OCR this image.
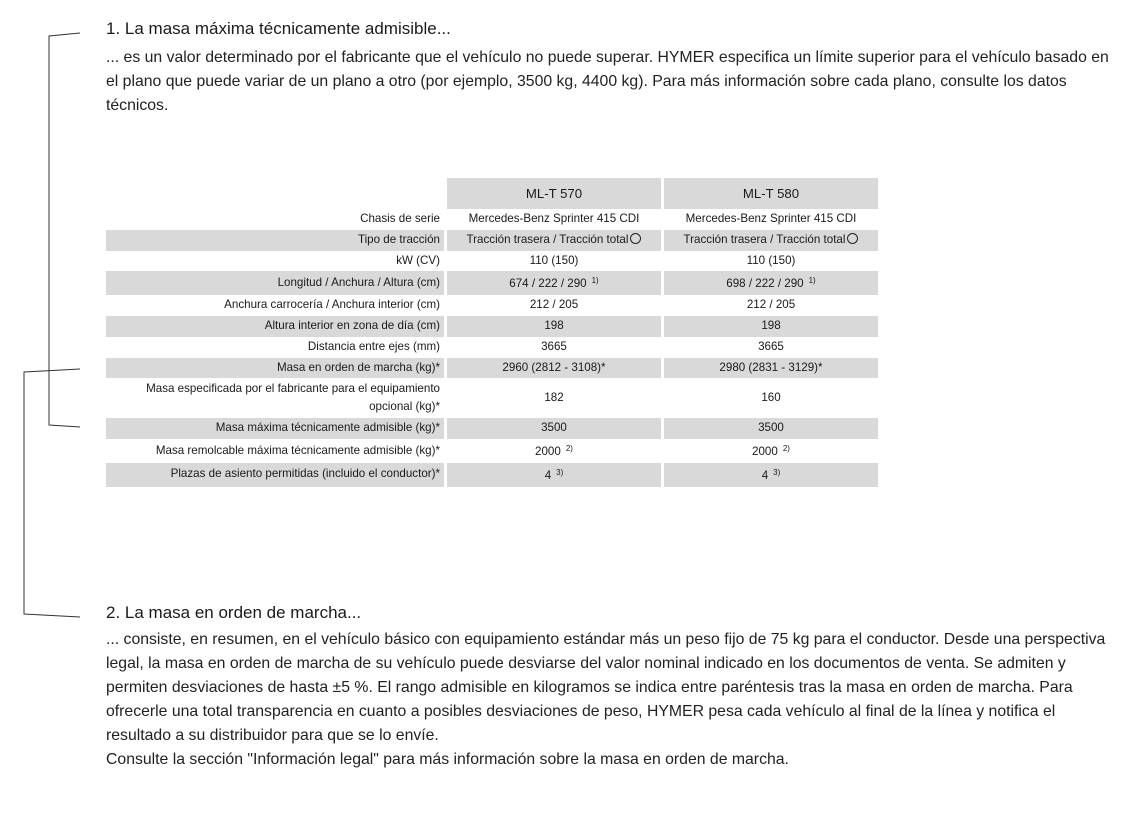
1. La masa máxima técnicamente admisible...

... es un valor determinado por el fabricante que el vehículo no puede superar. HYMER especifica un límite superior para el vehículo basado en el plano que puede variar de un plano a otro (por ejemplo, 3500 kg, 4400 kg). Para más información sobre cada plano, consulte los datos técnicos.

	ML-T 570	ML-T 580
Chasis de serie	Mercedes-Benz Sprinter 415 CDI	Mercedes-Benz Sprinter 415 CDI
Tipo de tracción	Tracción trasera / Tracción total	Tracción trasera / Tracción total
kW (CV)	110 (150)	110 (150)
Longitud / Anchura / Altura (cm)	674 / 222 / 290 $^{1)}$	698 / 222 / 290 $^{1)}$
Anchura carrocería / Anchura interior (cm)	212 / 205	212 / 205
Altura interior en zona de día (cm)	198	198
Distancia entre ejes (mm)	3665	3665
Masa en orden de marcha (kg)*	2960 (2812 - 3108)*	2980 (2831 - 3129)*
Masa especificada por el fabricante para el equipamiento
opcional (kg)*	182	160
Masa máxima técnicamente admisible (kg)*	3500	3500
Masa remolcable máxima técnicamente admisible (kg)*	2000 $^{2)}$	2000 $^{2)}$
Plazas de asiento permitidas (incluido el conductor)*	4 $^{3)}$	4 $^{3)}$
2. La masa en orden de marcha...

... consiste, en resumen, en el vehículo básico con equipamiento estándar más un peso fijo de 75 kg para el conductor. Desde una perspectiva legal, la masa en orden de marcha de su vehículo puede desviarse del valor nominal indicado en los documentos de venta. Se admiten y permiten desviaciones de hasta ±5 %. El rango admisible en kilogramos se indica entre paréntesis tras la masa en orden de marcha. Para ofrecerle una total transparencia en cuanto a posibles desviaciones de peso, HYMER pesa cada vehículo al final de la línea y notifica el resultado a su distribuidor para que se lo envíe.

Consulte la sección "Información legal" para más información sobre la masa en orden de marcha.
